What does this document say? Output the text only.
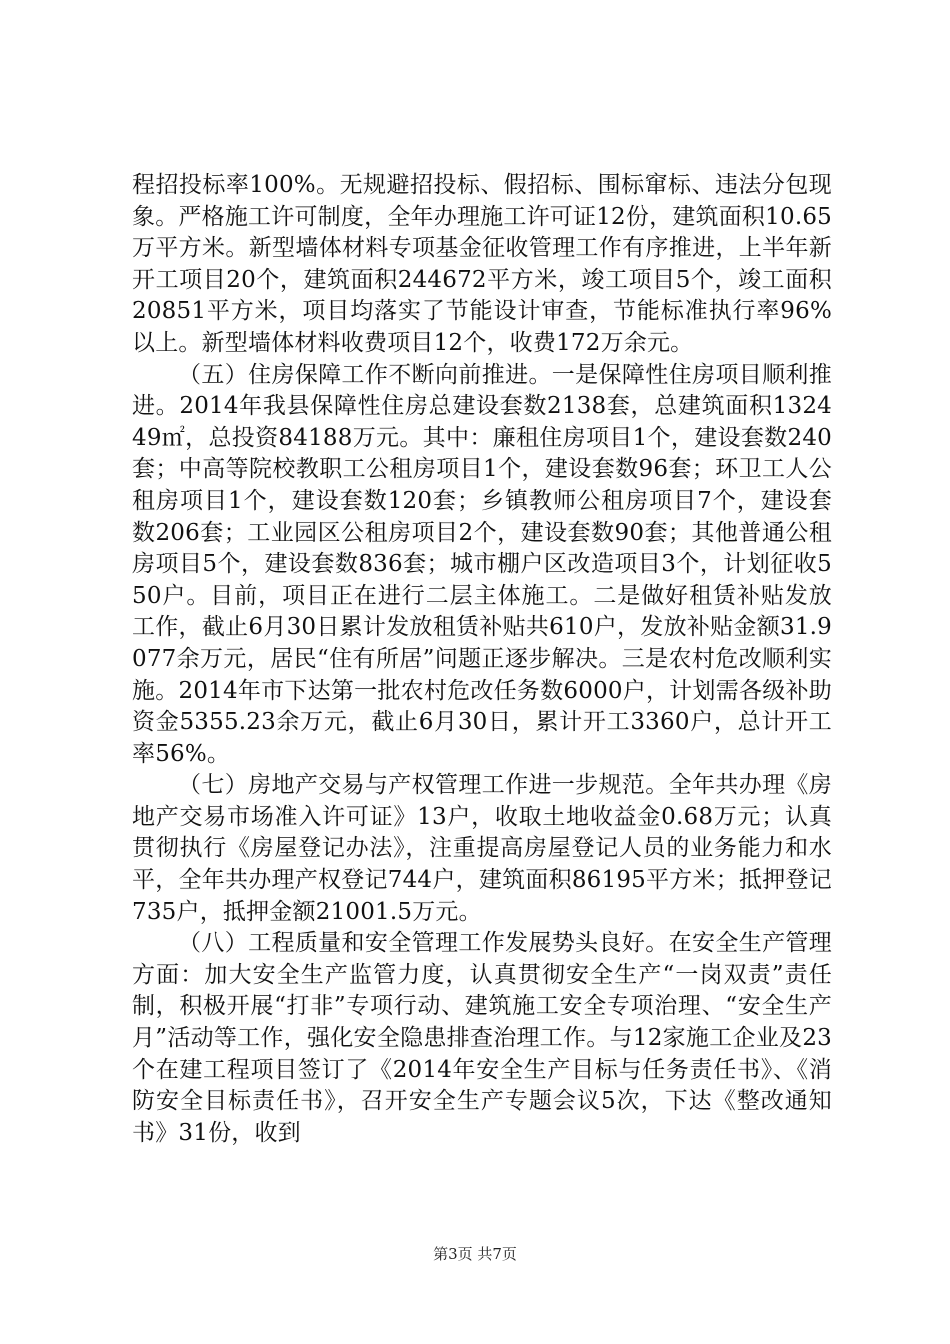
程招投标率100%。无规避招投标、假招标、围标窜标、违法分包现象。严格施工许可制度，全年办理施工许可证12份，建筑面积10.65万平方米。新型墙体材料专项基金征收管理工作有序推进，上半年新开工项目20个，建筑面积244672平方米，竣工项目5个，竣工面积20851平方米，项目均落实了节能设计审查，节能标准执行率96%以上。新型墙体材料收费项目12个，收费172万余元。

（五）住房保障工作不断向前推进。一是保障性住房项目顺利推进。2014年我县保障性住房总建设套数2138套，总建筑面积132449㎡，总投资84188万元。其中：廉租住房项目1个，建设套数240套；中高等院校教职工公租房项目1个，建设套数96套；环卫工人公租房项目1个，建设套数120套；乡镇教师公租房项目7个，建设套数206套；工业园区公租房项目2个，建设套数90套；其他普通公租房项目5个，建设套数836套；城市棚户区改造项目3个，计划征收550户。目前，项目正在进行二层主体施工。二是做好租赁补贴发放工作，截止6月30日累计发放租赁补贴共610户，发放补贴金额31.9077余万元，居民“住有所居”问题正逐步解决。三是农村危改顺利实施。2014年市下达第一批农村危改任务数6000户，计划需各级补助资金5355.23余万元，截止6月30日，累计开工3360户，总计开工率56%。

（七）房地产交易与产权管理工作进一步规范。全年共办理《房地产交易市场准入许可证》13户，收取土地收益金0.68万元；认真贯彻执行《房屋登记办法》，注重提高房屋登记人员的业务能力和水平，全年共办理产权登记744户，建筑面积86195平方米；抵押登记735户，抵押金额21001.5万元。

（八）工程质量和安全管理工作发展势头良好。在安全生产管理方面：加大安全生产监管力度，认真贯彻安全生产“一岗双责”责任制，积极开展“打非”专项行动、建筑施工安全专项治理、“安全生产月”活动等工作，强化安全隐患排查治理工作。与12家施工企业及23个在建工程项目签订了《2014年安全生产目标与任务责任书》、《消防安全目标责任书》，召开安全生产专题会议5次，下达《整改通知书》31份，收到

第3页 共7页
